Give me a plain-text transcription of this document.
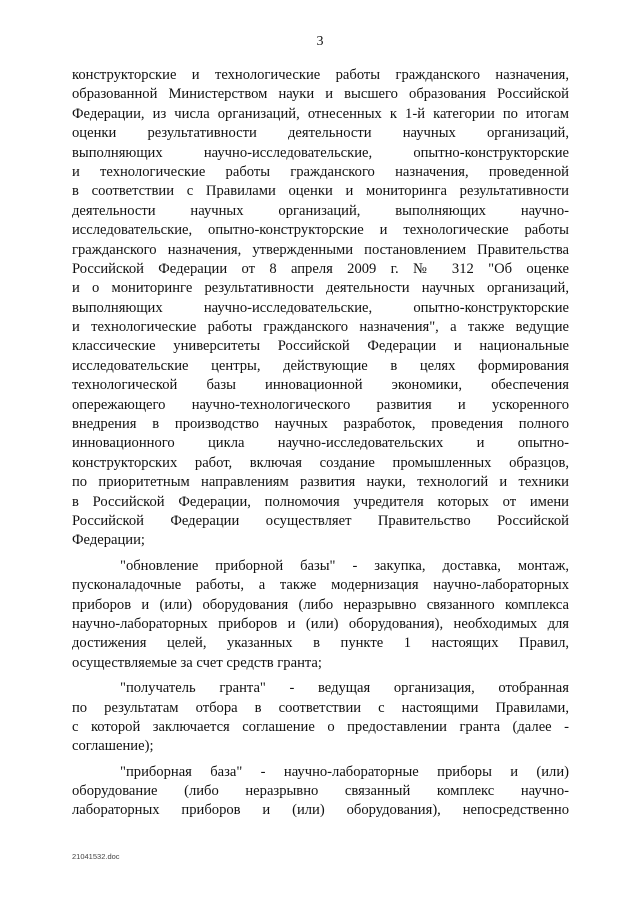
3
конструкторские и технологические работы гражданского назначения,
образованной Министерством науки и высшего образования Российской
Федерации, из числа организаций, отнесенных к 1-й категории по итогам
оценки результативности деятельности научных организаций,
выполняющих научно-исследовательские, опытно-конструкторские
и технологические работы гражданского назначения, проведенной
в соответствии с Правилами оценки и мониторинга результативности
деятельности научных организаций, выполняющих научно-
исследовательские, опытно-конструкторские и технологические работы
гражданского назначения, утвержденными постановлением Правительства
Российской Федерации от 8 апреля 2009 г. № 312 "Об оценке
и о мониторинге результативности деятельности научных организаций,
выполняющих научно-исследовательские, опытно-конструкторские
и технологические работы гражданского назначения", а также ведущие
классические университеты Российской Федерации и национальные
исследовательские центры, действующие в целях формирования
технологической базы инновационной экономики, обеспечения
опережающего научно-технологического развития и ускоренного
внедрения в производство научных разработок, проведения полного
инновационного цикла научно-исследовательских и опытно-
конструкторских работ, включая создание промышленных образцов,
по приоритетным направлениям развития науки, технологий и техники
в Российской Федерации, полномочия учредителя которых от имени
Российской Федерации осуществляет Правительство Российской
Федерации;
"обновление приборной базы" - закупка, доставка, монтаж,
пусконаладочные работы, а также модернизация научно-лабораторных
приборов и (или) оборудования (либо неразрывно связанного комплекса
научно-лабораторных приборов и (или) оборудования), необходимых для
достижения целей, указанных в пункте 1 настоящих Правил,
осуществляемые за счет средств гранта;
"получатель гранта" - ведущая организация, отобранная
по результатам отбора в соответствии с настоящими Правилами,
с которой заключается соглашение о предоставлении гранта (далее -
соглашение);
"приборная база" - научно-лабораторные приборы и (или)
оборудование (либо неразрывно связанный комплекс научно-
лабораторных приборов и (или) оборудования), непосредственно
21041532.doc
